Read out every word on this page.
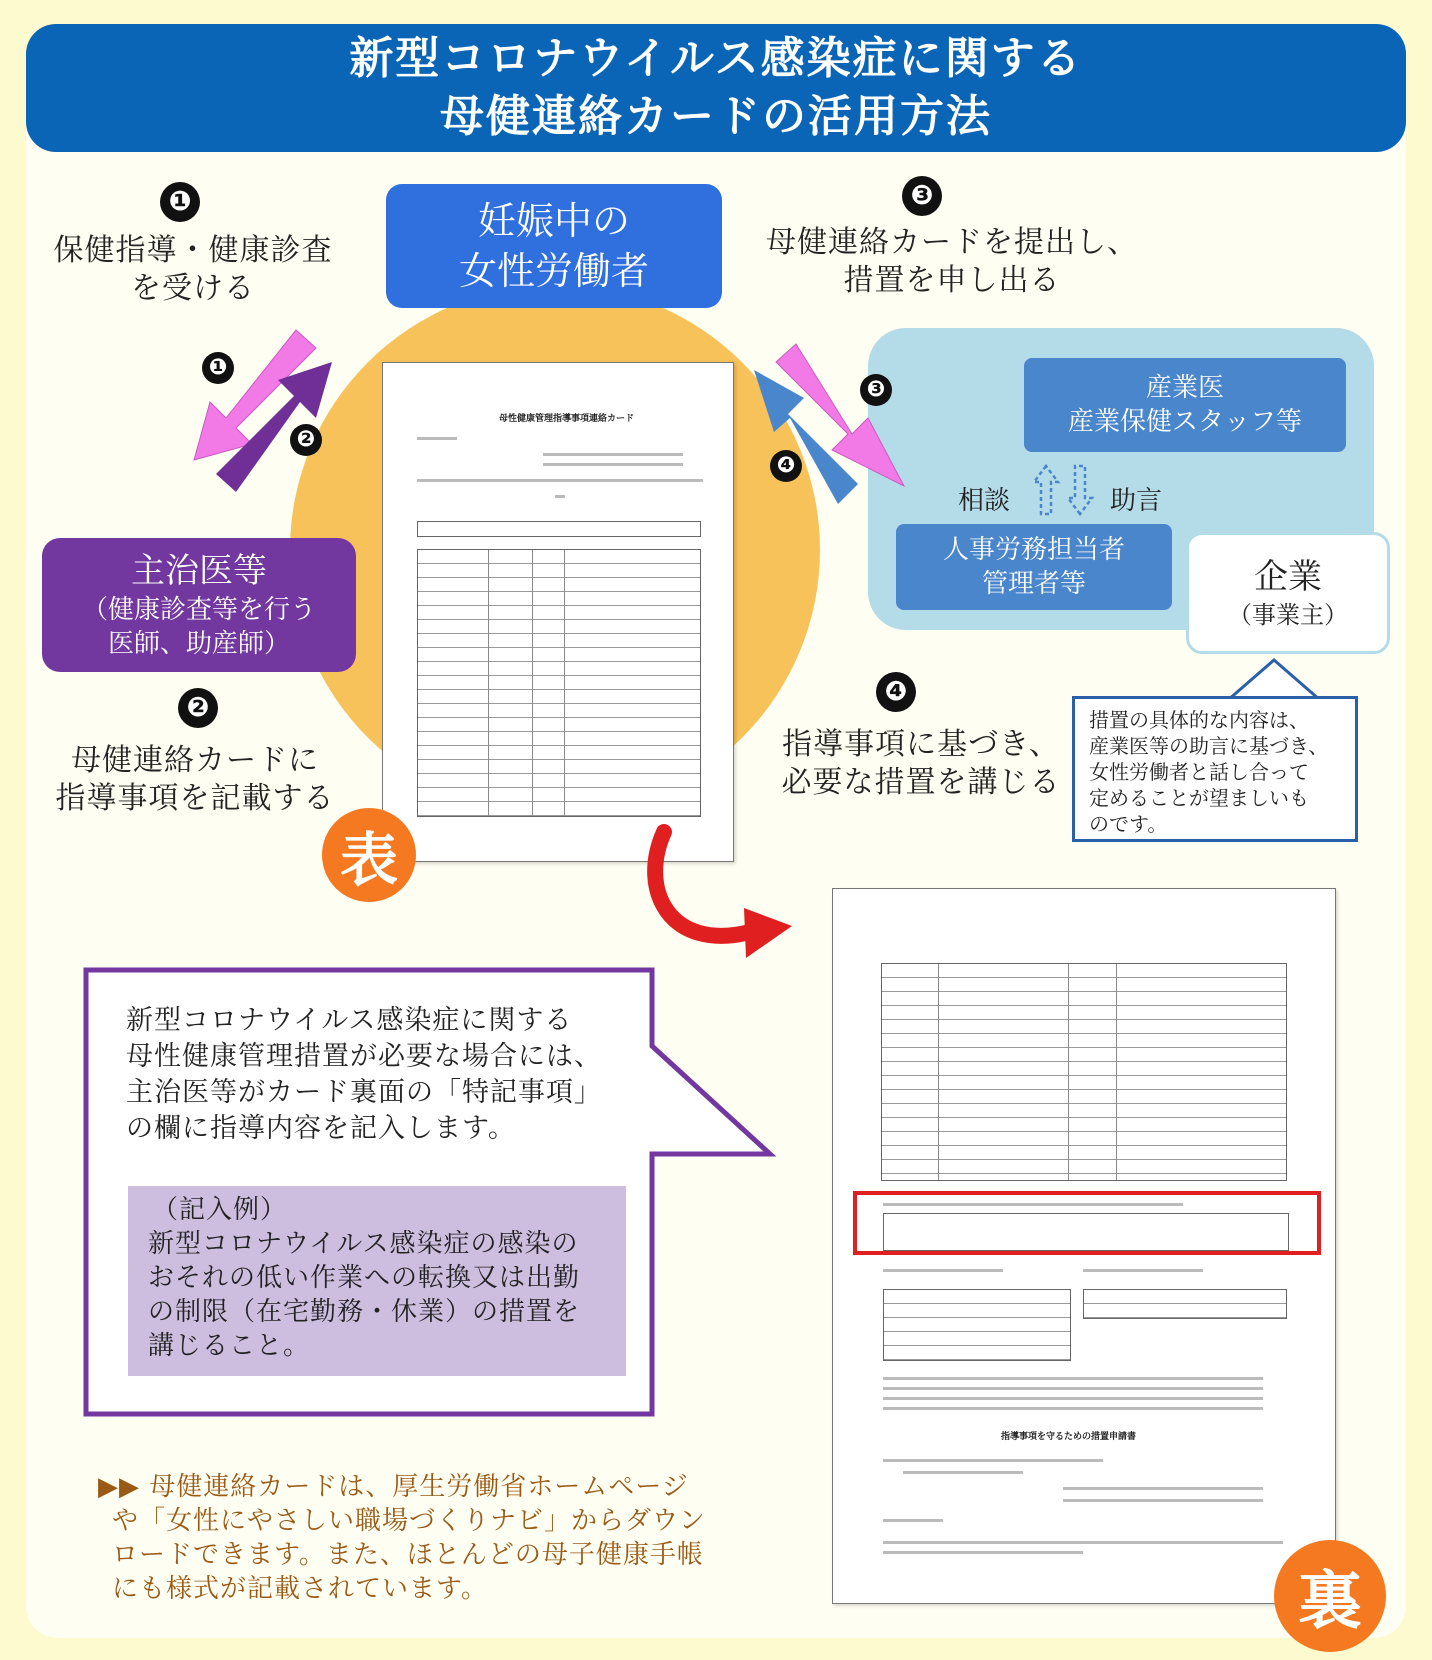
新型コロナウイルス感染症に関する
母健連絡カードの活用方法
産業医
産業保健スタッフ等
人事労務担当者
管理者等	企業
（事業主）
相談	助言
妊娠中の
女性労働者
主治医等
（健康診査等を行う
医師、助産師）
❶
保健指導・健康診査
を受ける
❷
母健連絡カードに
指導事項を記載する
❸
母健連絡カードを提出し、
措置を申し出る
❹
指導事項に基づき、
必要な措置を講じる
❶
❷
❸
❹
措置の具体的な内容は、
産業医等の助言に基づき、
女性労働者と話し合って
定めることが望ましいも
のです。
母性健康管理指導事項連絡カード
表
指導事項を守るための措置申請書
裏
新型コロナウイルス感染症に関する
母性健康管理措置が必要な場合には、
主治医等がカード裏面の「特記事項」
の欄に指導内容を記入します。
（記入例）
新型コロナウイルス感染症の感染の
おそれの低い作業への転換又は出勤
の制限（在宅勤務・休業）の措置を
講じること。
▶▶ 母健連絡カードは、厚生労働省ホームページ
や「女性にやさしい職場づくりナビ」からダウン
ロードできます。また、ほとんどの母子健康手帳
にも様式が記載されています。
